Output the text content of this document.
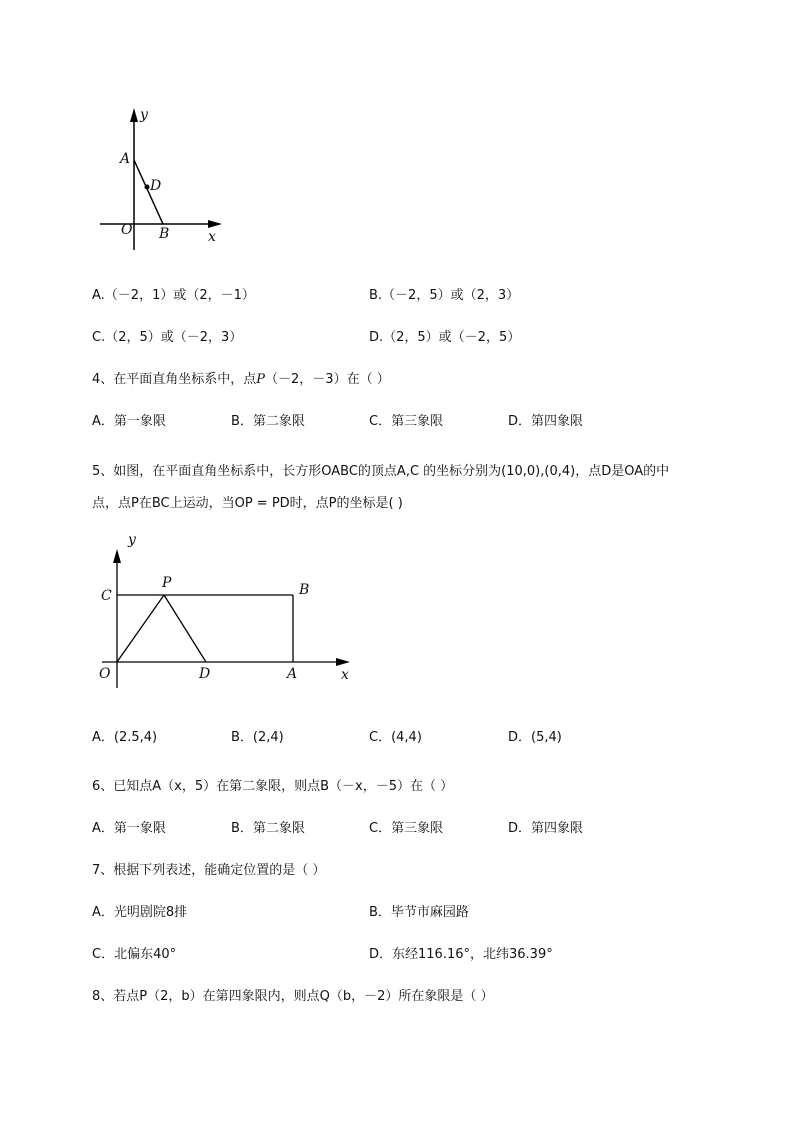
y
A
D
O B	x
A.（－2，1）或（2，－1）	B.（－2，5）或（2，3）
C.（2，5）或（－2，3）	D.（2，5）或（－2，5）
4、在平面直角坐标系中，点P（－2，－3）在（ ）
A．第一象限	B．第二象限	C．第三象限	D．第四象限
5、如图，在平面直角坐标系中，长方形OABC的顶点A,C 的坐标分别为(10,0),(0,4)，点D是OA的中
点，点P在BC上运动，当OP = PD时，点P的坐标是( )
y
C
P	B
O	D	A	x
A．(2.5,4)	B．(2,4)	C．(4,4)	D．(5,4)
6、已知点A（x，5）在第二象限，则点B（－x，－5）在（ ）
A．第一象限	B．第二象限	C．第三象限	D．第四象限
7、根据下列表述，能确定位置的是（ ）
A．光明剧院8排	B．毕节市麻园路
C．北偏东40°	D．东经116.16°，北纬36.39°
8、若点P（2，b）在第四象限内，则点Q（b，－2）所在象限是（ ）
